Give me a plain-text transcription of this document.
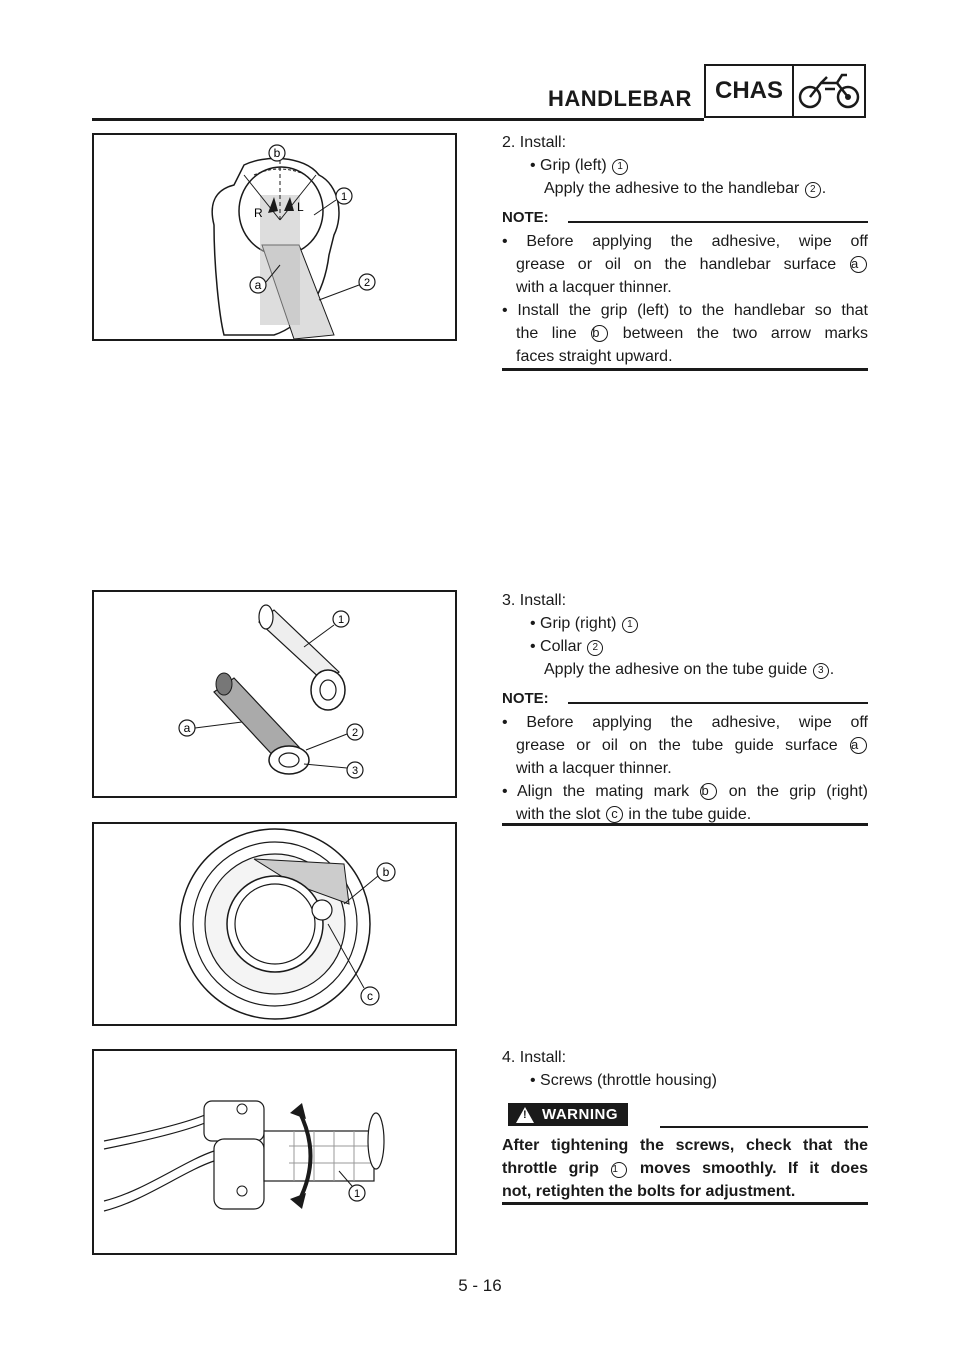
HANDLEBAR CHAS
R	L
b
1
a	2
2. Install:
• Grip (left) 1
Apply the adhesive to the handlebar 2 .
NOTE:
• Before applying the adhesive, wipe off
grease or oil on the handlebar surface a
with a lacquer thinner.
• Install the grip (left) to the handlebar so that
the line b between the two arrow marks
faces straight upward.
1
a	2
3
3. Install:
• Grip (right) 1
• Collar 2
Apply the adhesive on the tube guide 3 .
NOTE:
• Before applying the adhesive, wipe off
grease or oil on the tube guide surface a
with a lacquer thinner.
• Align the mating mark b on the grip (right)
with the slot c in the tube guide.
b
c
1
4. Install:
• Screws (throttle housing)
! WARNING
After tightening the screws, check that the
throttle grip 1 moves smoothly. If it does
not, retighten the bolts for adjustment.
5 - 16
